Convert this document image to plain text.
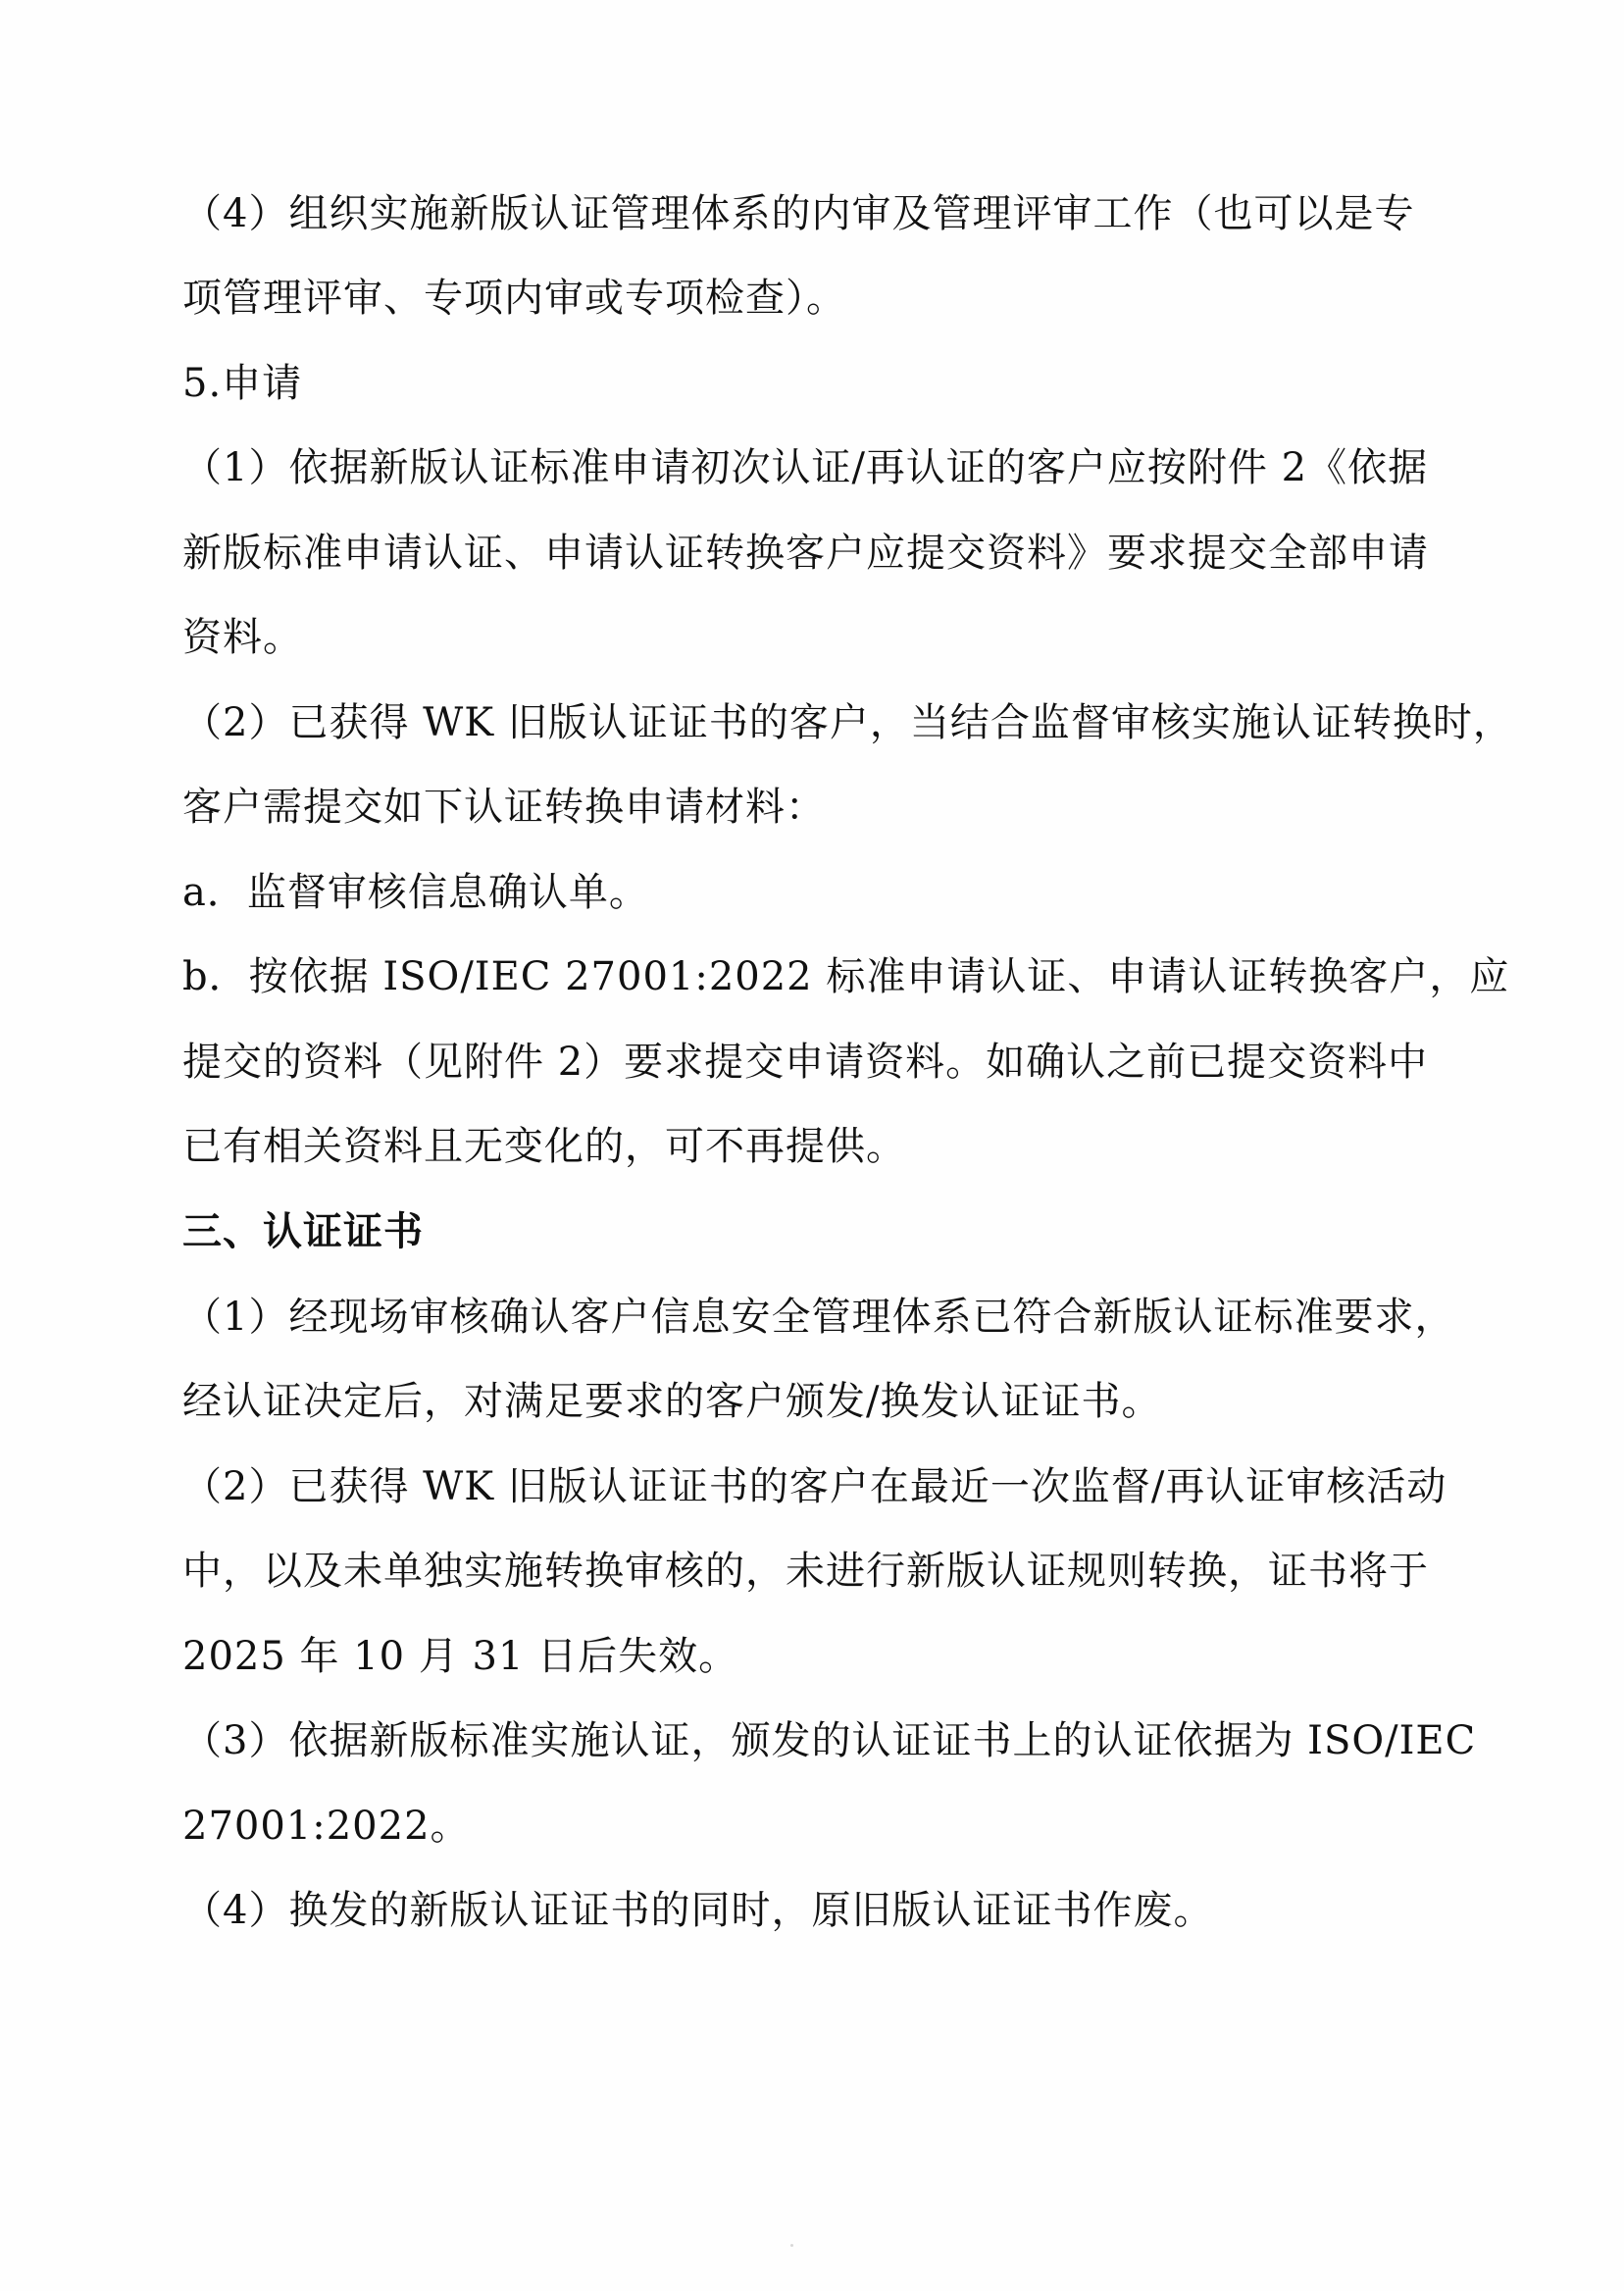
（4）组织实施新版认证管理体系的内审及管理评审工作（也可以是专
项管理评审、专项内审或专项检查）。
5.申请
（1）依据新版认证标准申请初次认证/再认证的客户应按附件 2《依据
新版标准申请认证、申请认证转换客户应提交资料》要求提交全部申请
资料。
（2）已获得 WK 旧版认证证书的客户，当结合监督审核实施认证转换时，
客户需提交如下认证转换申请材料：
a．监督审核信息确认单。
b．按依据 ISO/IEC 27001:2022 标准申请认证、申请认证转换客户，应
提交的资料（见附件 2）要求提交申请资料。如确认之前已提交资料中
已有相关资料且无变化的，可不再提供。
三、认证证书
（1）经现场审核确认客户信息安全管理体系已符合新版认证标准要求，
经认证决定后，对满足要求的客户颁发/换发认证证书。
（2）已获得 WK 旧版认证证书的客户在最近一次监督/再认证审核活动
中，以及未单独实施转换审核的，未进行新版认证规则转换，证书将于
2025 年 10 月 31 日后失效。
（3）依据新版标准实施认证，颁发的认证证书上的认证依据为 ISO/IEC
27001:2022。
（4）换发的新版认证证书的同时，原旧版认证证书作废。
